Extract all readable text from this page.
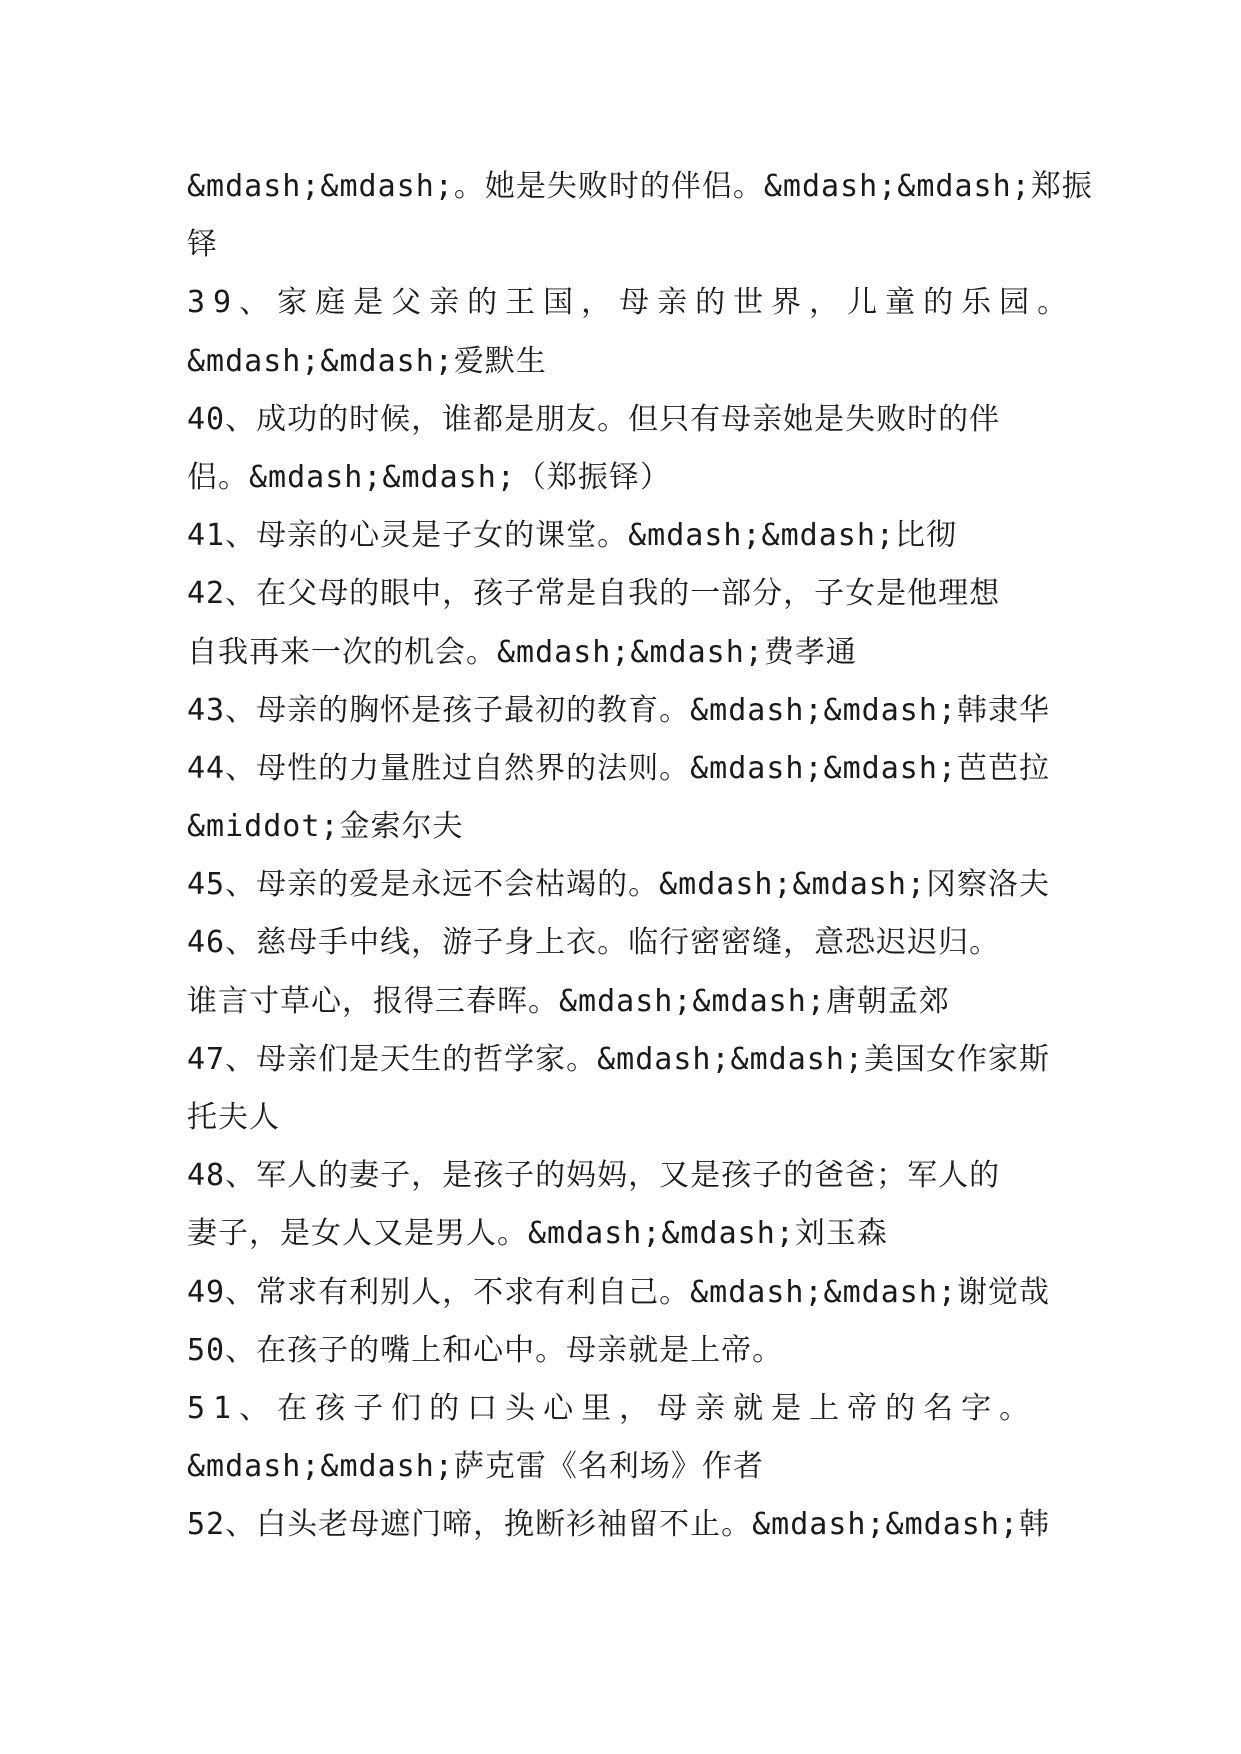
&mdash;&mdash;。她是失败时的伴侣。&mdash;&mdash;郑振
铎
39、家庭是父亲的王国，母亲的世界，儿童的乐园。
&mdash;&mdash;爱默生
40、成功的时候，谁都是朋友。但只有母亲她是失败时的伴
侣。&mdash;&mdash;（郑振铎）
41、母亲的心灵是子女的课堂。&mdash;&mdash;比彻
42、在父母的眼中，孩子常是自我的一部分，子女是他理想
自我再来一次的机会。&mdash;&mdash;费孝通
43、母亲的胸怀是孩子最初的教育。&mdash;&mdash;韩隶华
44、母性的力量胜过自然界的法则。&mdash;&mdash;芭芭拉
&middot;金索尔夫
45、母亲的爱是永远不会枯竭的。&mdash;&mdash;冈察洛夫
46、慈母手中线，游子身上衣。临行密密缝，意恐迟迟归。
谁言寸草心，报得三春晖。&mdash;&mdash;唐朝孟郊
47、母亲们是天生的哲学家。&mdash;&mdash;美国女作家斯
托夫人
48、军人的妻子，是孩子的妈妈，又是孩子的爸爸；军人的
妻子，是女人又是男人。&mdash;&mdash;刘玉森
49、常求有利别人，不求有利自己。&mdash;&mdash;谢觉哉
50、在孩子的嘴上和心中。母亲就是上帝。
51、在孩子们的口头心里，母亲就是上帝的名字。
&mdash;&mdash;萨克雷《名利场》作者
52、白头老母遮门啼，挽断衫袖留不止。&mdash;&mdash;韩
